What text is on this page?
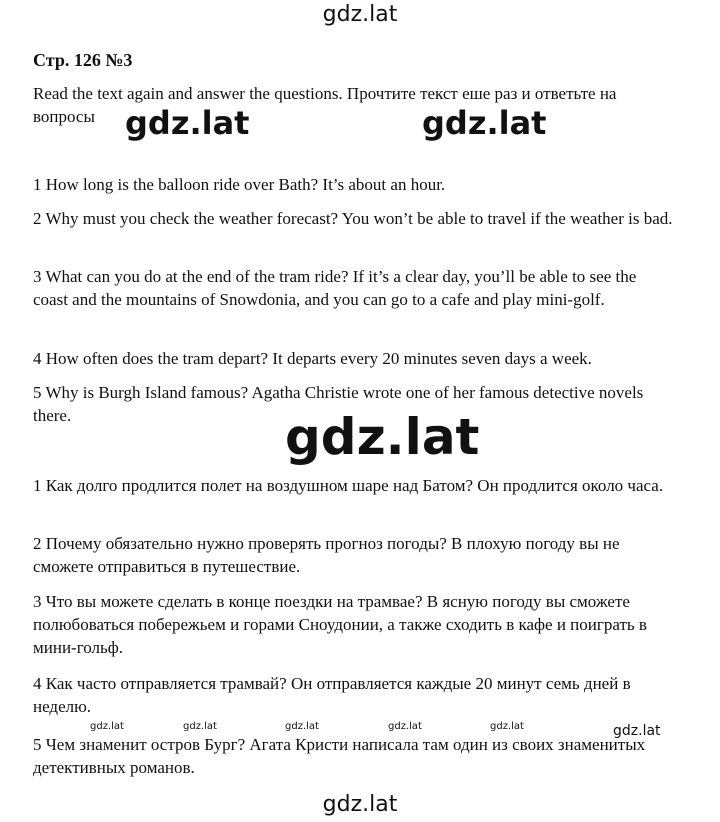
gdz.lat
Стр. 126 №3

Read the text again and answer the questions. Прочтите текст еше раз и ответьте на вопросы gdz.lat	gdz.lat

1 How long is the balloon ride over Bath? It’s about an hour.

2 Why must you check the weather forecast? You won’t be able to travel if the weather is bad.

3 What can you do at the end of the tram ride? If it’s a clear day, you’ll be able to see the coast and the mountains of Snowdonia, and you can go to a cafe and play mini-golf.

4 How often does the tram depart? It departs every 20 minutes seven days a week.

5 Why is Burgh Island famous? Agatha Christie wrote one of her famous detective novels there.	gdz.lat

1 Как долго продлится полет на воздушном шаре над Батом? Он продлится около часа.

2 Почему обязательно нужно проверять прогноз погоды? В плохую погоду вы не сможете отправиться в путешествие.

3 Что вы можете сделать в конце поездки на трамвае? В ясную погоду вы сможете полюбоваться побережьем и горами Сноудонии, а также сходить в кафе и поиграть в мини-гольф.

4 Как часто отправляется трамвай? Он отправляется каждые 20 минут семь дней в неделю.

gdz.lat	gdz.lat	gdz.lat	gdz.lat	gdz.lat	gdz.lat

5 Чем знаменит остров Бург? Агата Кристи написала там один из своих знаменитых детективных романов.

gdz.lat
